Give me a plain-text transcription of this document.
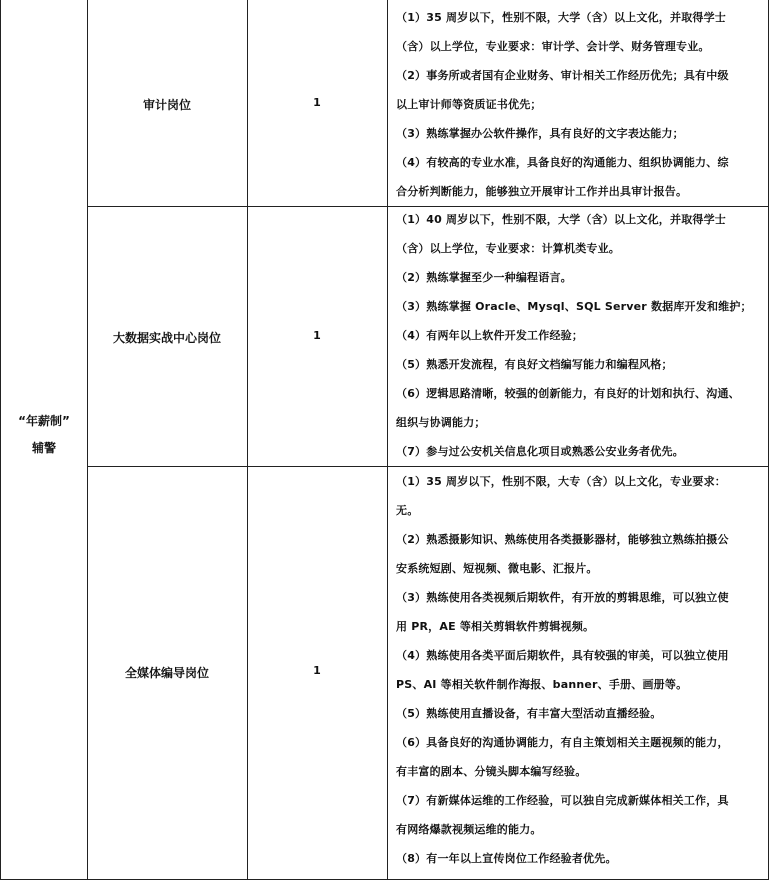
“年薪制”
辅警
审计岗位	1
（1）35 周岁以下，性别不限，大学（含）以上文化，并取得学士
（含）以上学位，专业要求：审计学、会计学、财务管理专业。
（2）事务所或者国有企业财务、审计相关工作经历优先；具有中级
以上审计师等资质证书优先；
（3）熟练掌握办公软件操作，具有良好的文字表达能力；
（4）有较高的专业水准，具备良好的沟通能力、组织协调能力、综
合分析判断能力，能够独立开展审计工作并出具审计报告。
大数据实战中心岗位	1
（1）40 周岁以下，性别不限，大学（含）以上文化，并取得学士
（含）以上学位，专业要求：计算机类专业。
（2）熟练掌握至少一种编程语言。
（3）熟练掌握 Oracle、Mysql、SQL Server 数据库开发和维护；
（4）有两年以上软件开发工作经验；
（5）熟悉开发流程，有良好文档编写能力和编程风格；
（6）逻辑思路清晰，较强的创新能力，有良好的计划和执行、沟通、
组织与协调能力；
（7）参与过公安机关信息化项目或熟悉公安业务者优先。
全媒体编导岗位	1
（1）35 周岁以下，性别不限，大专（含）以上文化，专业要求：
无。
（2）熟悉摄影知识、熟练使用各类摄影器材，能够独立熟练拍摄公
安系统短剧、短视频、微电影、汇报片。
（3）熟练使用各类视频后期软件，有开放的剪辑思维，可以独立使
用 PR，AE 等相关剪辑软件剪辑视频。
（4）熟练使用各类平面后期软件，具有较强的审美，可以独立使用
PS、AI 等相关软件制作海报、banner、手册、画册等。
（5）熟练使用直播设备，有丰富大型活动直播经验。
（6）具备良好的沟通协调能力，有自主策划相关主题视频的能力，
有丰富的剧本、分镜头脚本编写经验。
（7）有新媒体运维的工作经验，可以独自完成新媒体相关工作，具
有网络爆款视频运维的能力。
（8）有一年以上宣传岗位工作经验者优先。
